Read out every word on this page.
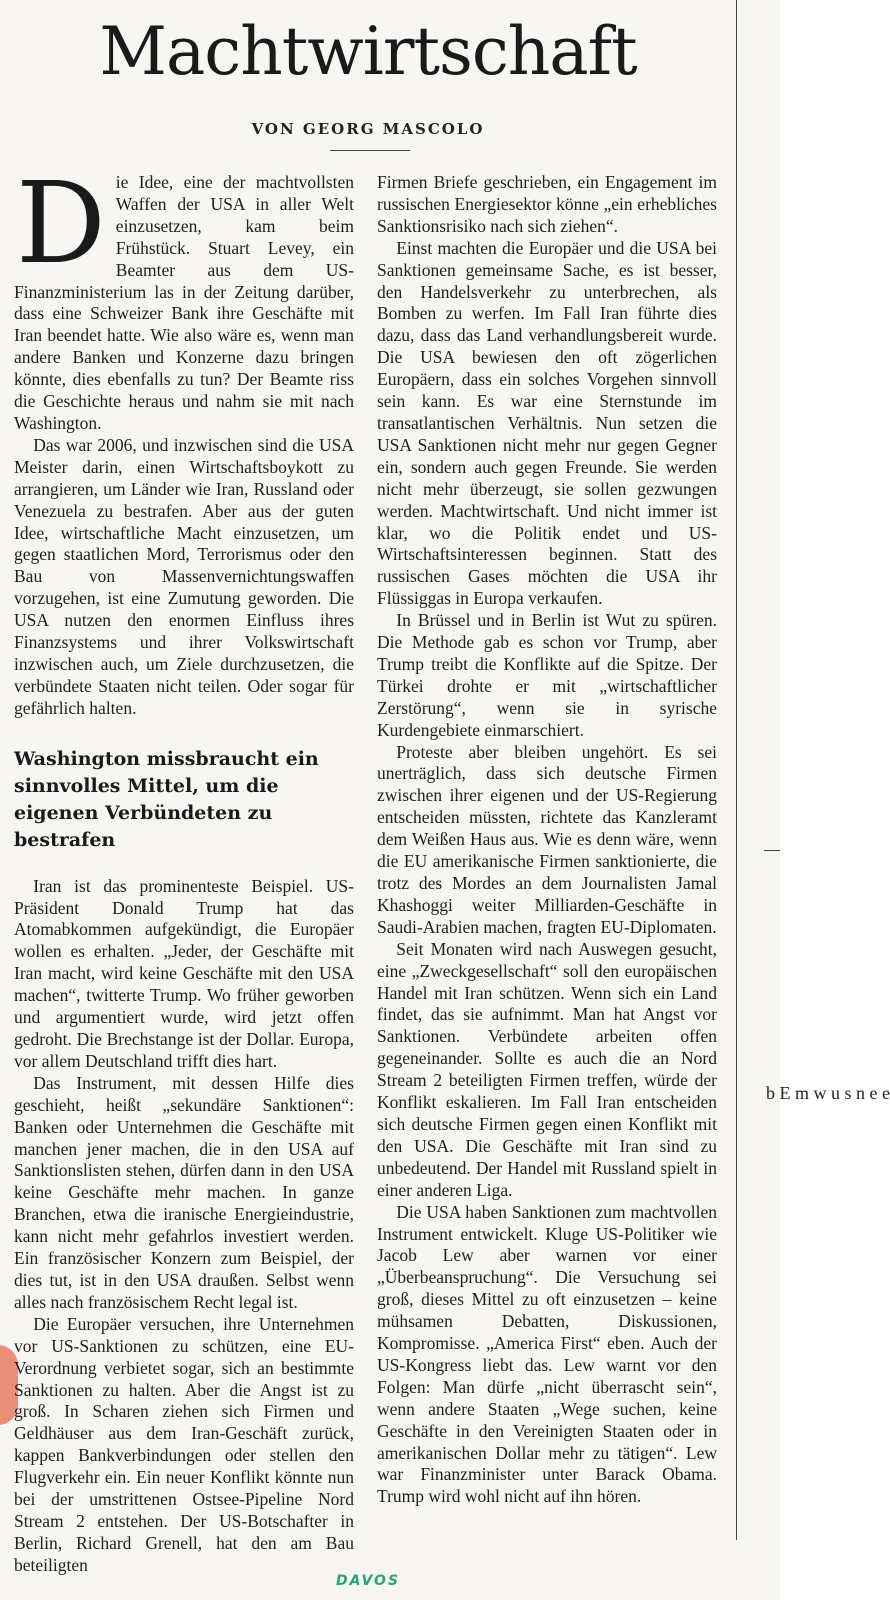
b E m w u s n e e
Machtwirtschaft
VON GEORG MASCOLO

Die Idee, eine der machtvollsten Waffen der USA in aller Welt einzusetzen, kam beim Frühstück. Stuart Levey, ein Beamter aus dem US-Finanzministerium las in der Zeitung darüber, dass eine Schweizer Bank ihre Geschäfte mit Iran beendet hatte. Wie also wäre es, wenn man andere Banken und Konzerne dazu bringen könnte, dies ebenfalls zu tun? Der Beamte riss die Geschichte heraus und nahm sie mit nach Washington.

Das war 2006, und inzwischen sind die USA Meister darin, einen Wirtschaftsboykott zu arrangieren, um Länder wie Iran, Russland oder Venezuela zu bestrafen. Aber aus der guten Idee, wirtschaftliche Macht einzusetzen, um gegen staatlichen Mord, Terrorismus oder den Bau von Massenvernichtungswaffen vorzugehen, ist eine Zumutung geworden. Die USA nutzen den enormen Einfluss ihres Finanzsystems und ihrer Volkswirtschaft inzwischen auch, um Ziele durchzusetzen, die verbündete Staaten nicht teilen. Oder sogar für gefährlich halten.

Washington missbraucht ein sinnvolles Mittel, um die eigenen Verbündeten zu bestrafen

Iran ist das prominenteste Beispiel. US-Präsident Donald Trump hat das Atomabkommen aufgekündigt, die Europäer wollen es erhalten. „Jeder, der Geschäfte mit Iran macht, wird keine Geschäfte mit den USA machen“, twitterte Trump. Wo früher geworben und argumentiert wurde, wird jetzt offen gedroht. Die Brechstange ist der Dollar. Europa, vor allem Deutschland trifft dies hart.

Das Instrument, mit dessen Hilfe dies geschieht, heißt „sekundäre Sanktionen“: Banken oder Unternehmen die Geschäfte mit manchen jener machen, die in den USA auf Sanktionslisten stehen, dürfen dann in den USA keine Geschäfte mehr machen. In ganze Branchen, etwa die iranische Energieindustrie, kann nicht mehr gefahrlos investiert werden. Ein französischer Konzern zum Beispiel, der dies tut, ist in den USA draußen. Selbst wenn alles nach französischem Recht legal ist.

Die Europäer versuchen, ihre Unternehmen vor US-Sanktionen zu schützen, eine EU-Verordnung verbietet sogar, sich an bestimmte Sanktionen zu halten. Aber die Angst ist zu groß. In Scharen ziehen sich Firmen und Geldhäuser aus dem Iran-Geschäft zurück, kappen Bankverbindungen oder stellen den Flugverkehr ein. Ein neuer Konflikt könnte nun bei der umstrittenen Ostsee-Pipeline Nord Stream 2 entstehen. Der US-Botschafter in Berlin, Richard Grenell, hat den am Bau beteiligten

Firmen Briefe geschrieben, ein Engagement im russischen Energiesektor könne „ein erhebliches Sanktionsrisiko nach sich ziehen“.

Einst machten die Europäer und die USA bei Sanktionen gemeinsame Sache, es ist besser, den Handelsverkehr zu unterbrechen, als Bomben zu werfen. Im Fall Iran führte dies dazu, dass das Land verhandlungsbereit wurde. Die USA bewiesen den oft zögerlichen Europäern, dass ein solches Vorgehen sinnvoll sein kann. Es war eine Sternstunde im transatlantischen Verhältnis. Nun setzen die USA Sanktionen nicht mehr nur gegen Gegner ein, sondern auch gegen Freunde. Sie werden nicht mehr überzeugt, sie sollen gezwungen werden. Machtwirtschaft. Und nicht immer ist klar, wo die Politik endet und US-Wirtschaftsinteressen beginnen. Statt des russischen Gases möchten die USA ihr Flüssiggas in Europa verkaufen.

In Brüssel und in Berlin ist Wut zu spüren. Die Methode gab es schon vor Trump, aber Trump treibt die Konflikte auf die Spitze. Der Türkei drohte er mit „wirtschaftlicher Zerstörung“, wenn sie in syrische Kurdengebiete einmarschiert.

Proteste aber bleiben ungehört. Es sei unerträglich, dass sich deutsche Firmen zwischen ihrer eigenen und der US-Regierung entscheiden müssten, richtete das Kanzleramt dem Weißen Haus aus. Wie es denn wäre, wenn die EU amerikanische Firmen sanktionierte, die trotz des Mordes an dem Journalisten Jamal Khashoggi weiter Milliarden-Geschäfte in Saudi-Arabien machen, fragten EU-Diplomaten.

Seit Monaten wird nach Auswegen gesucht, eine „Zweckgesellschaft“ soll den europäischen Handel mit Iran schützen. Wenn sich ein Land findet, das sie aufnimmt. Man hat Angst vor Sanktionen. Verbündete arbeiten offen gegeneinander. Sollte es auch die an Nord Stream 2 beteiligten Firmen treffen, würde der Konflikt eskalieren. Im Fall Iran entscheiden sich deutsche Firmen gegen einen Konflikt mit den USA. Die Geschäfte mit Iran sind zu unbedeutend. Der Handel mit Russland spielt in einer anderen Liga.

Die USA haben Sanktionen zum machtvollen Instrument entwickelt. Kluge US-Politiker wie Jacob Lew aber warnen vor einer „Überbeanspruchung“. Die Versuchung sei groß, dieses Mittel zu oft einzusetzen – keine mühsamen Debatten, Diskussionen, Kompromisse. „America First“ eben. Auch der US-Kongress liebt das. Lew warnt vor den Folgen: Man dürfe „nicht überrascht sein“, wenn andere Staaten „Wege suchen, keine Geschäfte in den Vereinigten Staaten oder in amerikanischen Dollar mehr zu tätigen“. Lew war Finanzminister unter Barack Obama. Trump wird wohl nicht auf ihn hören.

DAVOS
